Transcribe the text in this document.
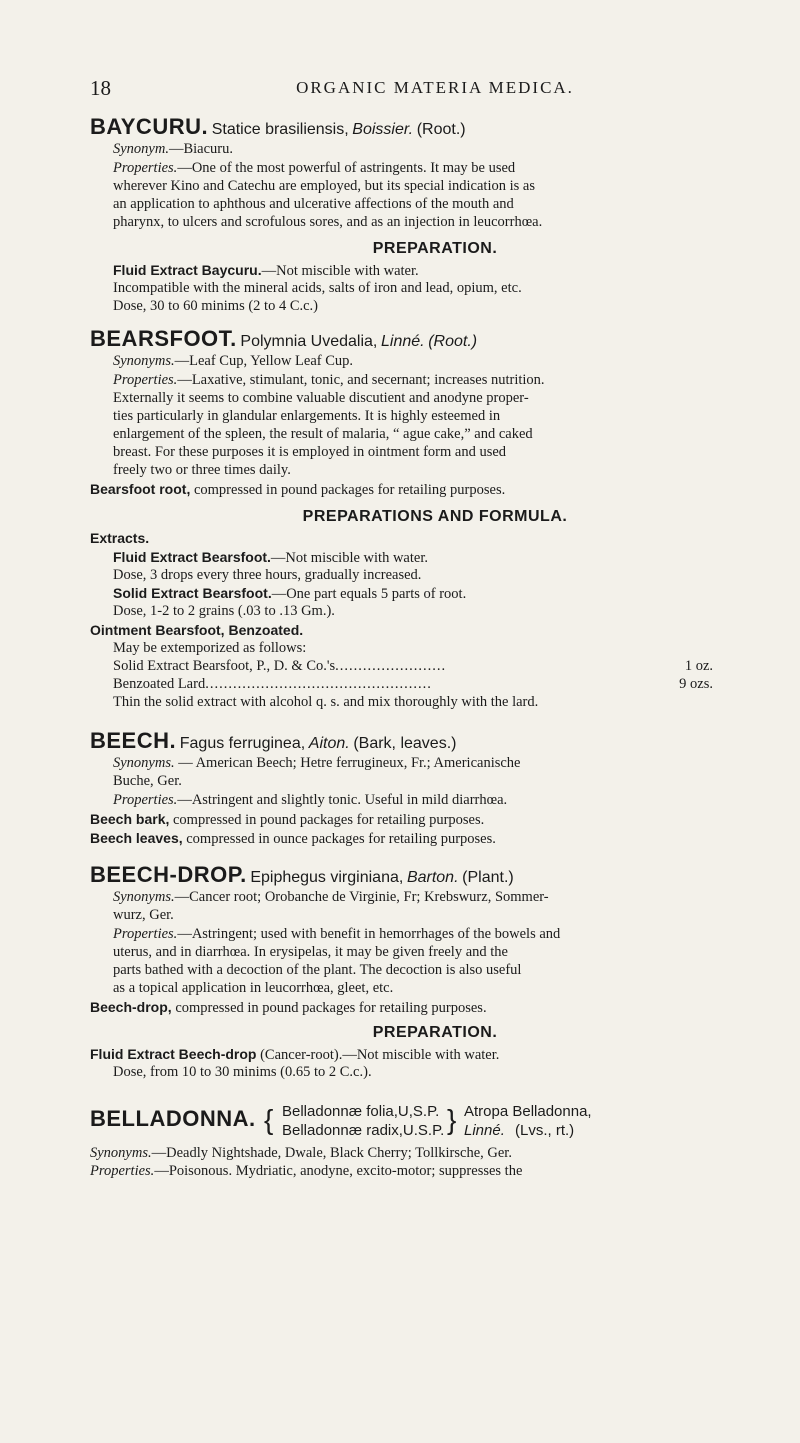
18	ORGANIC MATERIA MEDICA.
BAYCURU. Statice brasiliensis, Boissier. (Root.)
Synonym.—Biacuru.
Properties.—One of the most powerful of astringents. It may be used
wherever Kino and Catechu are employed, but its special indication is as
an application to aphthous and ulcerative affections of the mouth and
pharynx, to ulcers and scrofulous sores, and as an injection in leucorrhœa.
PREPARATION.
Fluid Extract Baycuru.—Not miscible with water.
Incompatible with the mineral acids, salts of iron and lead, opium, etc.
Dose, 30 to 60 minims (2 to 4 C.c.)
BEARSFOOT. Polymnia Uvedalia, Linné. (Root.)
Synonyms.—Leaf Cup, Yellow Leaf Cup.
Properties.—Laxative, stimulant, tonic, and secernant; increases nutrition.
Externally it seems to combine valuable discutient and anodyne proper-
ties particularly in glandular enlargements. It is highly esteemed in
enlargement of the spleen, the result of malaria, “ ague cake,” and caked
breast. For these purposes it is employed in ointment form and used
freely two or three times daily.
Bearsfoot root, compressed in pound packages for retailing purposes.
PREPARATIONS AND FORMULA.
Extracts.
Fluid Extract Bearsfoot.—Not miscible with water.
Dose, 3 drops every three hours, gradually increased.
Solid Extract Bearsfoot.—One part equals 5 parts of root.
Dose, 1-2 to 2 grains (.03 to .13 Gm.).
Ointment Bearsfoot, Benzoated.
May be extemporized as follows:
Solid Extract Bearsfoot, P., D. & Co.'s........................	1 oz.
Benzoated Lard.................................................	9 ozs.
Thin the solid extract with alcohol q. s. and mix thoroughly with the lard.
BEECH. Fagus ferruginea, Aiton. (Bark, leaves.)
Synonyms. — American Beech; Hetre ferrugineux, Fr.; Americanische
Buche, Ger.
Properties.—Astringent and slightly tonic. Useful in mild diarrhœa.
Beech bark, compressed in pound packages for retailing purposes.
Beech leaves, compressed in ounce packages for retailing purposes.
BEECH-DROP. Epiphegus virginiana, Barton. (Plant.)
Synonyms.—Cancer root; Orobanche de Virginie, Fr; Krebswurz, Sommer-
wurz, Ger.
Properties.—Astringent; used with benefit in hemorrhages of the bowels and
uterus, and in diarrhœa. In erysipelas, it may be given freely and the
parts bathed with a decoction of the plant. The decoction is also useful
as a topical application in leucorrhœa, gleet, etc.
Beech-drop, compressed in pound packages for retailing purposes.
PREPARATION.
Fluid Extract Beech-drop (Cancer-root).—Not miscible with water.
Dose, from 10 to 30 minims (0.65 to 2 C.c.).
BELLADONNA. { Belladonnæ folia,U,S.P.
Belladonnæ radix,U.S.P. } Atropa Belladonna,
Linné. (Lvs., rt.)
Synonyms.—Deadly Nightshade, Dwale, Black Cherry; Tollkirsche, Ger.
Properties.—Poisonous. Mydriatic, anodyne, excito-motor; suppresses the
